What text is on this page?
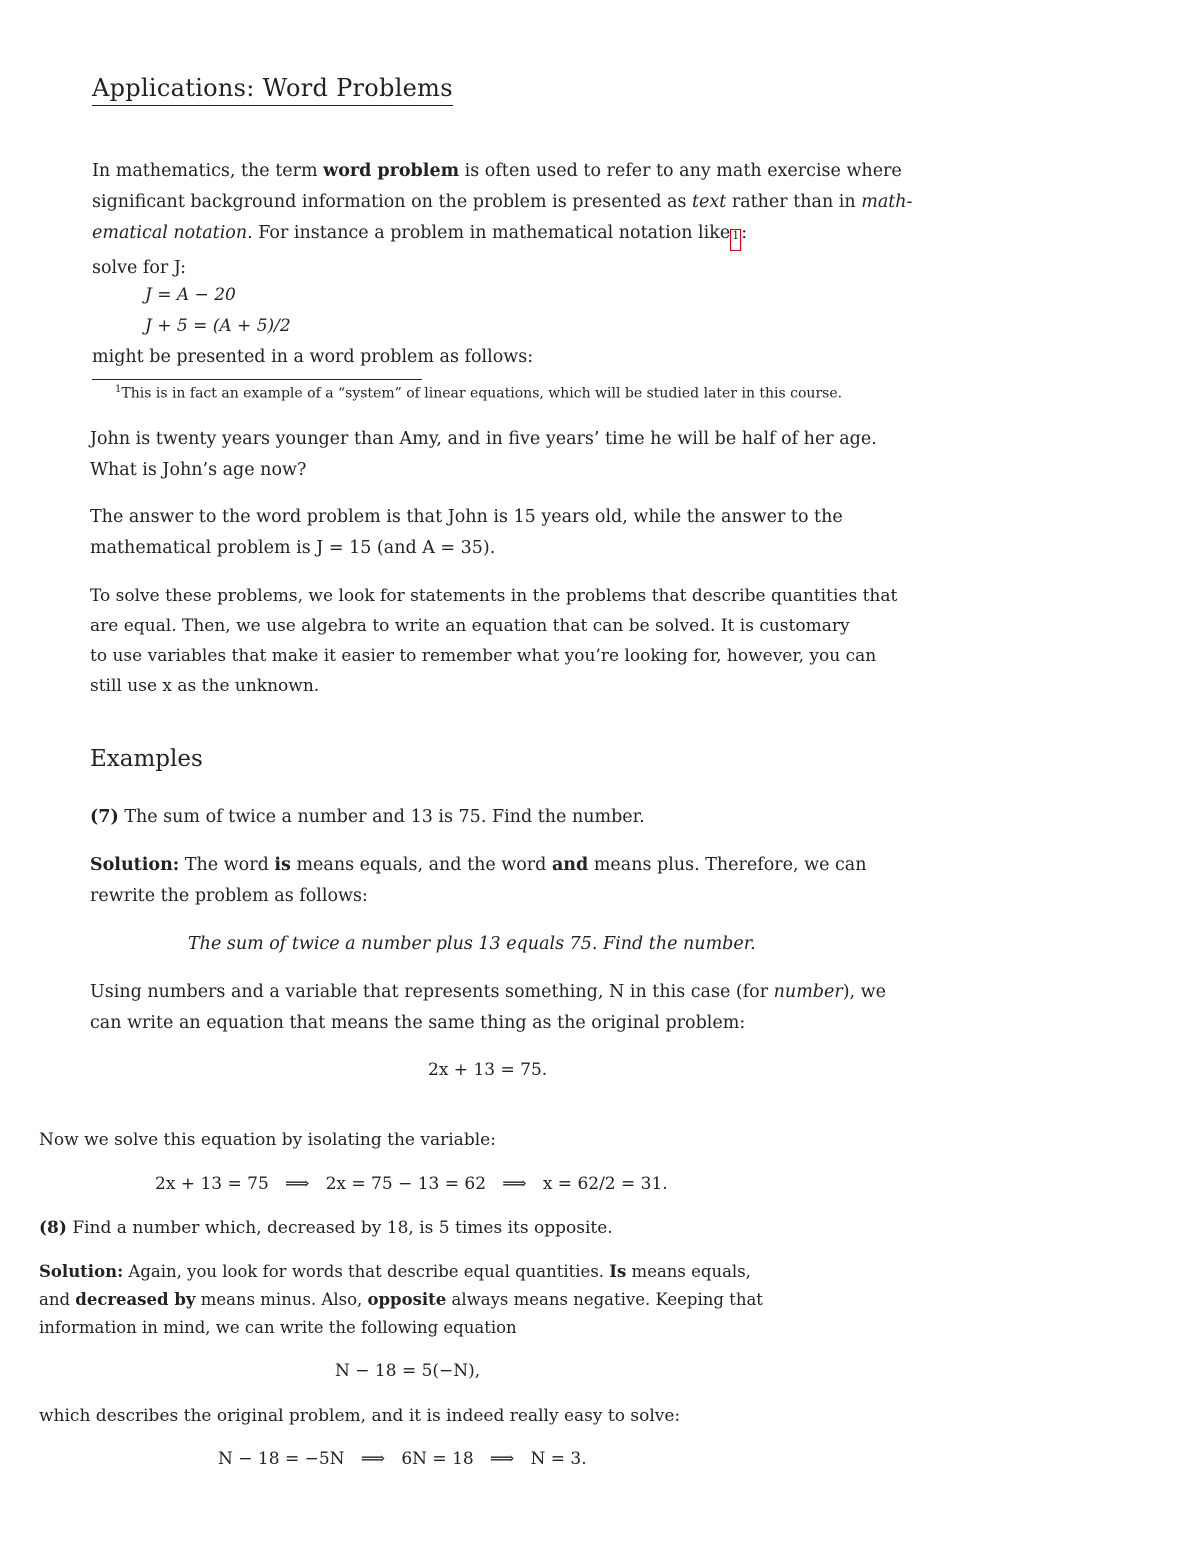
Applications: Word Problems
In mathematics, the term word problem is often used to refer to any math exercise where
significant background information on the problem is presented as text rather than in math-
ematical notation. For instance a problem in mathematical notation like 1 :
solve for J:
J = A − 20
J + 5 = (A + 5)/2
might be presented in a word problem as follows:
$^1$This is in fact an example of a “system” of linear equations, which will be studied later in this course.
John is twenty years younger than Amy, and in five years’ time he will be half of her age.
What is John’s age now?
The answer to the word problem is that John is 15 years old, while the answer to the
mathematical problem is J = 15 (and A = 35).
To solve these problems, we look for statements in the problems that describe quantities that
are equal. Then, we use algebra to write an equation that can be solved. It is customary
to use variables that make it easier to remember what you’re looking for, however, you can
still use x as the unknown.
Examples
(7) The sum of twice a number and 13 is 75. Find the number.
Solution: The word is means equals, and the word and means plus. Therefore, we can
rewrite the problem as follows:
The sum of twice a number plus 13 equals 75. Find the number.
Using numbers and a variable that represents something, N in this case (for number), we
can write an equation that means the same thing as the original problem:
2x + 13 = 75.
Now we solve this equation by isolating the variable:
2x + 13 = 75   ⟹   2x = 75 − 13 = 62   ⟹   x = 62/2 = 31.
(8) Find a number which, decreased by 18, is 5 times its opposite.
Solution: Again, you look for words that describe equal quantities. Is means equals,
and decreased by means minus. Also, opposite always means negative. Keeping that
information in mind, we can write the following equation
N − 18 = 5(−N),
which describes the original problem, and it is indeed really easy to solve:
N − 18 = −5N   ⟹   6N = 18   ⟹   N = 3.
